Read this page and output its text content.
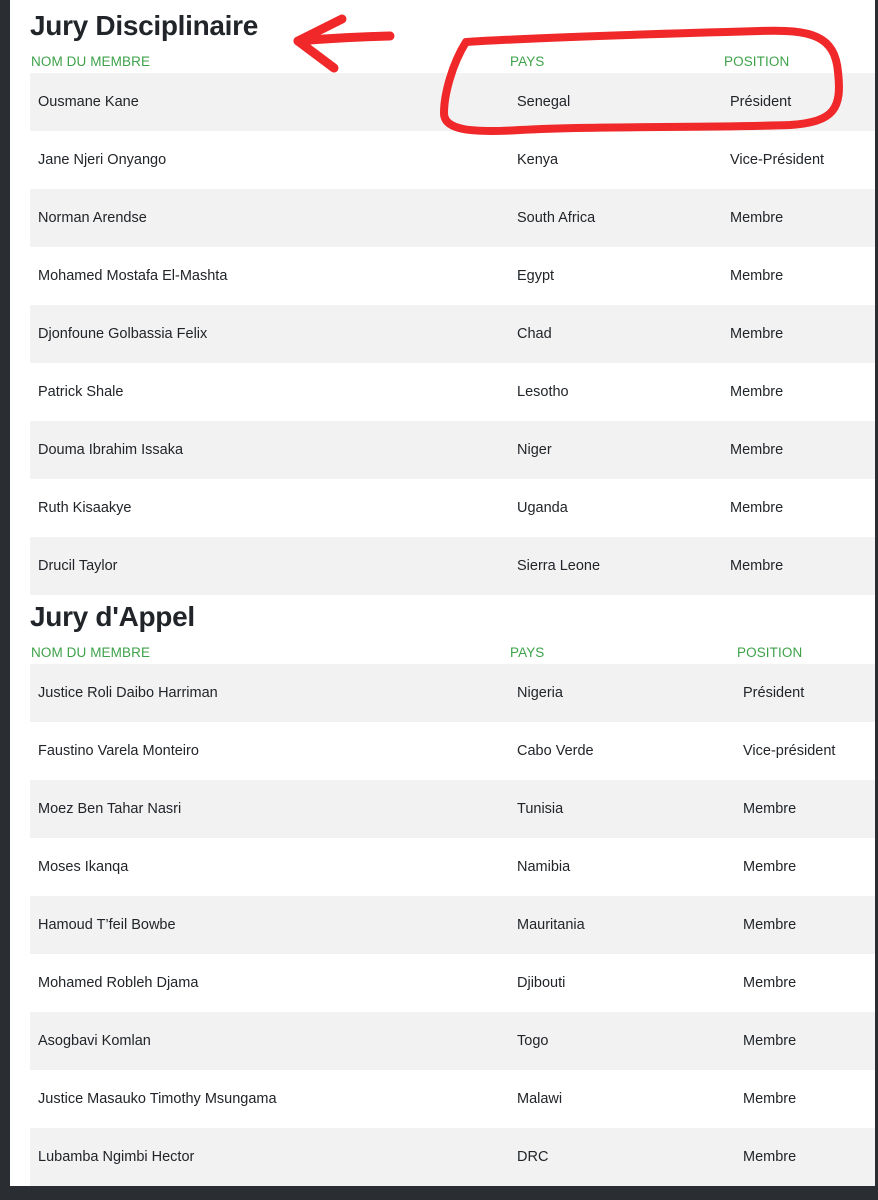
Jury Disciplinaire
NOM DU MEMBRE	PAYS	POSITION
Ousmane Kane	Senegal	Président
Jane Njeri Onyango	Kenya	Vice-Président
Norman Arendse	South Africa	Membre
Mohamed Mostafa El-Mashta	Egypt	Membre
Djonfoune Golbassia Felix	Chad	Membre
Patrick Shale	Lesotho	Membre
Douma Ibrahim Issaka	Niger	Membre
Ruth Kisaakye	Uganda	Membre
Drucil Taylor	Sierra Leone	Membre
Jury d'Appel
NOM DU MEMBRE	PAYS	POSITION
Justice Roli Daibo Harriman	Nigeria	Président
Faustino Varela Monteiro	Cabo Verde	Vice-président
Moez Ben Tahar Nasri	Tunisia	Membre
Moses Ikanqa	Namibia	Membre
Hamoud T’feil Bowbe	Mauritania	Membre
Mohamed Robleh Djama	Djibouti	Membre
Asogbavi Komlan	Togo	Membre
Justice Masauko Timothy Msungama	Malawi	Membre
Lubamba Ngimbi Hector	DRC	Membre
